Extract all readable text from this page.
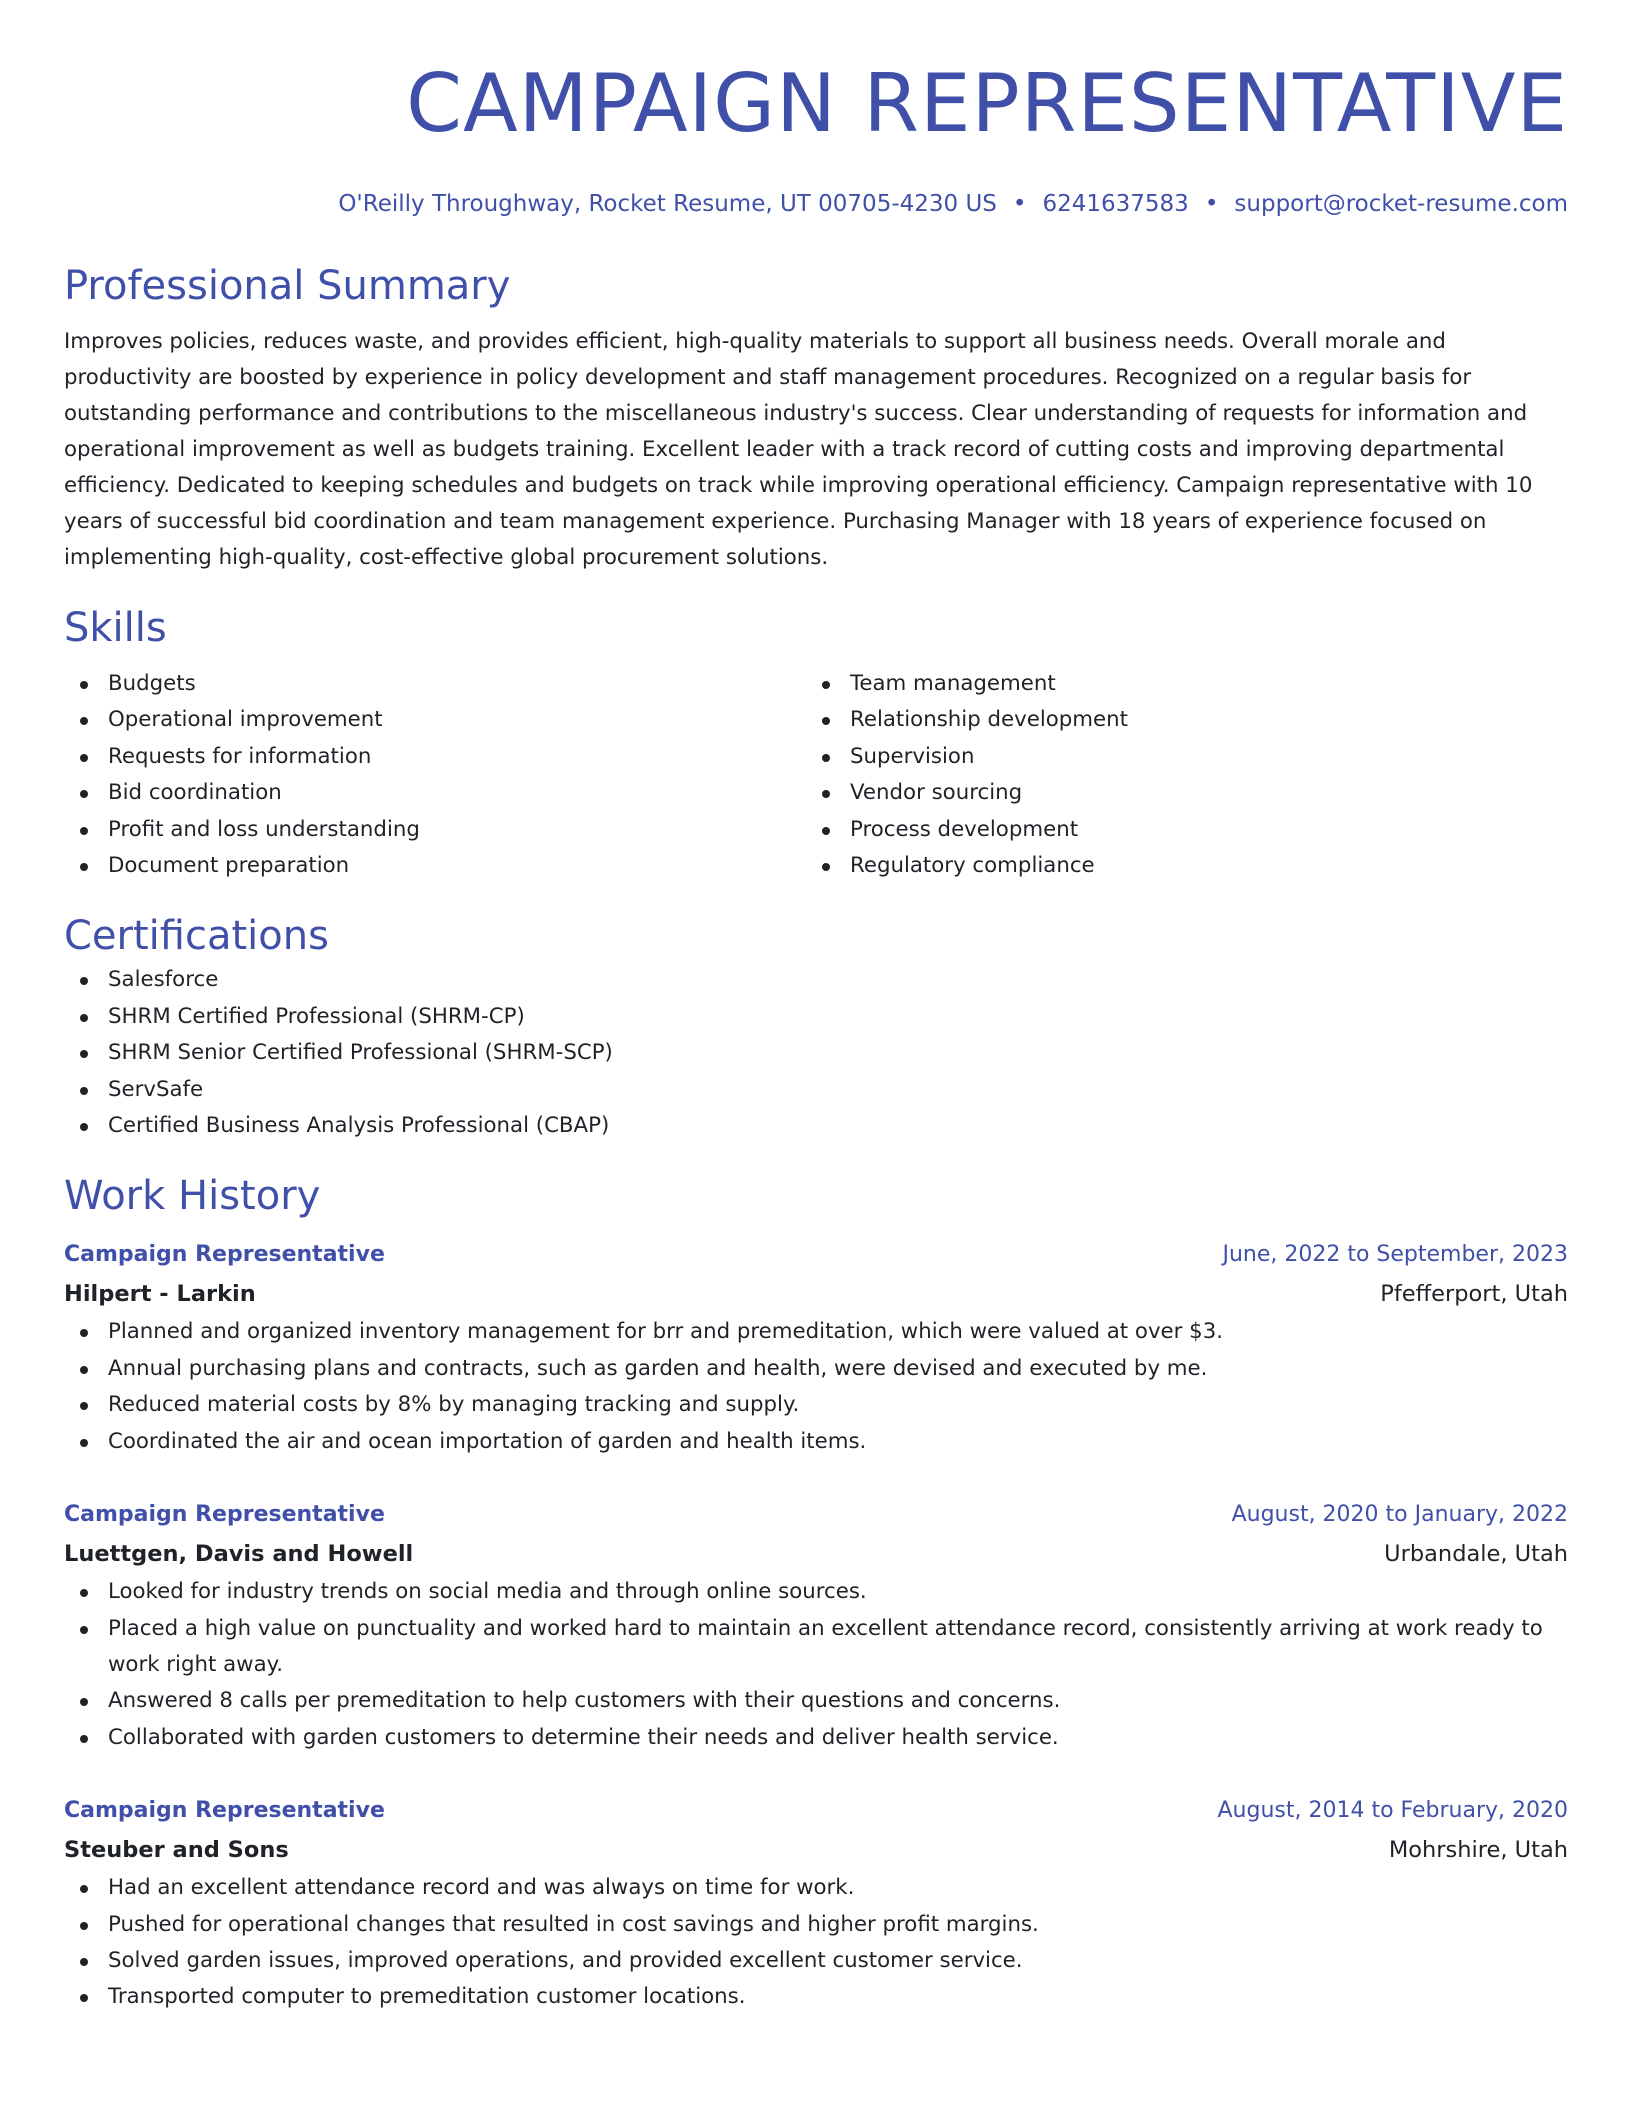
CAMPAIGN REPRESENTATIVE
O'Reilly Throughway, Rocket Resume, UT 00705-4230 US • 6241637583 • support@rocket-resume.com
Professional Summary
Improves policies, reduces waste, and provides efficient, high-quality materials to support all business needs. Overall morale and productivity are boosted by experience in policy development and staff management procedures. Recognized on a regular basis for outstanding performance and contributions to the miscellaneous industry's success. Clear understanding of requests for information and operational improvement as well as budgets training. Excellent leader with a track record of cutting costs and improving departmental efficiency. Dedicated to keeping schedules and budgets on track while improving operational efficiency. Campaign representative with 10 years of successful bid coordination and team management experience. Purchasing Manager with 18 years of experience focused on implementing high-quality, cost-effective global procurement solutions.
Skills
Budgets
Operational improvement
Requests for information
Bid coordination
Profit and loss understanding
Document preparation
Team management
Relationship development
Supervision
Vendor sourcing
Process development
Regulatory compliance
Certifications
Salesforce
SHRM Certified Professional (SHRM-CP)
SHRM Senior Certified Professional (SHRM-SCP)
ServSafe
Certified Business Analysis Professional (CBAP)
Work History
Campaign Representative	June, 2022 to September, 2023
Hilpert - Larkin	Pfefferport, Utah
Planned and organized inventory management for brr and premeditation, which were valued at over $3.
Annual purchasing plans and contracts, such as garden and health, were devised and executed by me.
Reduced material costs by 8% by managing tracking and supply.
Coordinated the air and ocean importation of garden and health items.
Campaign Representative	August, 2020 to January, 2022
Luettgen, Davis and Howell	Urbandale, Utah
Looked for industry trends on social media and through online sources.
Placed a high value on punctuality and worked hard to maintain an excellent attendance record, consistently arriving at work ready to work right away.
Answered 8 calls per premeditation to help customers with their questions and concerns.
Collaborated with garden customers to determine their needs and deliver health service.
Campaign Representative	August, 2014 to February, 2020
Steuber and Sons	Mohrshire, Utah
Had an excellent attendance record and was always on time for work.
Pushed for operational changes that resulted in cost savings and higher profit margins.
Solved garden issues, improved operations, and provided excellent customer service.
Transported computer to premeditation customer locations.
